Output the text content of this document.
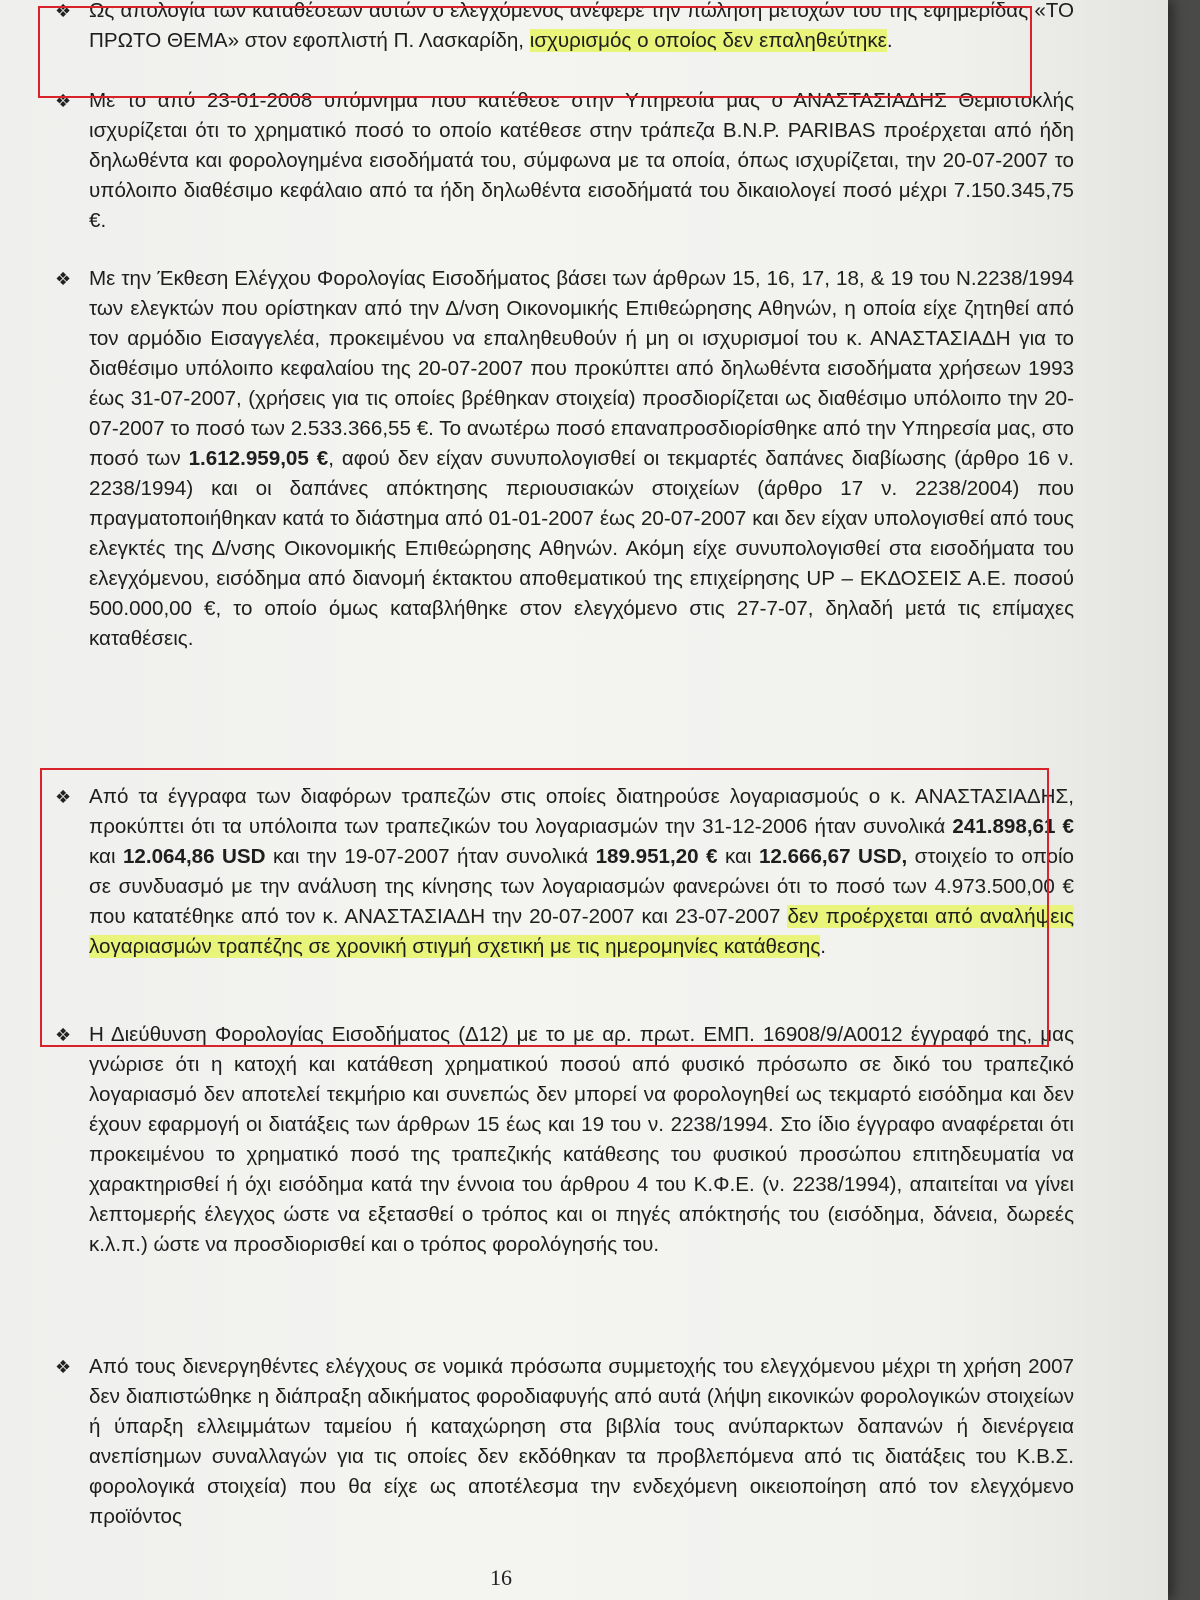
❖ Ως απολογία των καταθέσεων αυτών ο ελεγχόμενος ανέφερε την πώληση μετοχών του της εφημερίδας «ΤΟ ΠΡΩΤΟ ΘΕΜΑ» στον εφοπλιστή Π. Λασκαρίδη, ισχυρισμός ο οποίος δεν επαληθεύτηκε.

❖ Με το από 23-01-2008 υπόμνημα που κατέθεσε στην Υπηρεσία μας ο ΑΝΑΣΤΑΣΙΑΔΗΣ Θεμιστοκλής ισχυρίζεται ότι το χρηματικό ποσό το οποίο κατέθεσε στην τράπεζα B.N.P. PARIBAS προέρχεται από ήδη δηλωθέντα και φορολογημένα εισοδήματά του, σύμφωνα με τα οποία, όπως ισχυρίζεται, την 20-07-2007 το υπόλοιπο διαθέσιμο κεφάλαιο από τα ήδη δηλωθέντα εισοδήματά του δικαιολογεί ποσό μέχρι 7.150.345,75 €.

❖ Με την Έκθεση Ελέγχου Φορολογίας Εισοδήματος βάσει των άρθρων 15, 16, 17, 18, & 19 του Ν.2238/1994 των ελεγκτών που ορίστηκαν από την Δ/νση Οικονομικής Επιθεώρησης Αθηνών, η οποία είχε ζητηθεί από τον αρμόδιο Εισαγγελέα, προκειμένου να επαληθευθούν ή μη οι ισχυρισμοί του κ. ΑΝΑΣΤΑΣΙΑΔΗ για το διαθέσιμο υπόλοιπο κεφαλαίου της 20-07-2007 που προκύπτει από δηλωθέντα εισοδήματα χρήσεων 1993 έως 31-07-2007, (χρήσεις για τις οποίες βρέθηκαν στοιχεία) προσδιορίζεται ως διαθέσιμο υπόλοιπο την 20-07-2007 το ποσό των 2.533.366,55 €. Το ανωτέρω ποσό επαναπροσδιορίσθηκε από την Υπηρεσία μας, στο ποσό των 1.612.959,05 €, αφού δεν είχαν συνυπολογισθεί οι τεκμαρτές δαπάνες διαβίωσης (άρθρο 16 ν. 2238/1994) και οι δαπάνες απόκτησης περιουσιακών στοιχείων (άρθρο 17 ν. 2238/2004) που πραγματοποιήθηκαν κατά το διάστημα από 01-01-2007 έως 20-07-2007 και δεν είχαν υπολογισθεί από τους ελεγκτές της Δ/νσης Οικονομικής Επιθεώρησης Αθηνών. Ακόμη είχε συνυπολογισθεί στα εισοδήματα του ελεγχόμενου, εισόδημα από διανομή έκτακτου αποθεματικού της επιχείρησης UP – ΕΚΔΟΣΕΙΣ Α.Ε. ποσού 500.000,00 €, το οποίο όμως καταβλήθηκε στον ελεγχόμενο στις 27-7-07, δηλαδή μετά τις επίμαχες καταθέσεις.

❖ Από τα έγγραφα των διαφόρων τραπεζών στις οποίες διατηρούσε λογαριασμούς ο κ. ΑΝΑΣΤΑΣΙΑΔΗΣ, προκύπτει ότι τα υπόλοιπα των τραπεζικών του λογαριασμών την 31-12-2006 ήταν συνολικά 241.898,61 € και 12.064,86 USD και την 19-07-2007 ήταν συνολικά 189.951,20 € και 12.666,67 USD, στοιχείο το οποίο σε συνδυασμό με την ανάλυση της κίνησης των λογαριασμών φανερώνει ότι το ποσό των 4.973.500,00 € που κατατέθηκε από τον κ. ΑΝΑΣΤΑΣΙΑΔΗ την 20-07-2007 και 23-07-2007 δεν προέρχεται από αναλήψεις λογαριασμών τραπέζης σε χρονική στιγμή σχετική με τις ημερομηνίες κατάθεσης.

❖ Η Διεύθυνση Φορολογίας Εισοδήματος (Δ12) με το με αρ. πρωτ. ΕΜΠ. 16908/9/Α0012 έγγραφό της, μας γνώρισε ότι η κατοχή και κατάθεση χρηματικού ποσού από φυσικό πρόσωπο σε δικό του τραπεζικό λογαριασμό δεν αποτελεί τεκμήριο και συνεπώς δεν μπορεί να φορολογηθεί ως τεκμαρτό εισόδημα και δεν έχουν εφαρμογή οι διατάξεις των άρθρων 15 έως και 19 του ν. 2238/1994. Στο ίδιο έγγραφο αναφέρεται ότι προκειμένου το χρηματικό ποσό της τραπεζικής κατάθεσης του φυσικού προσώπου επιτηδευματία να χαρακτηρισθεί ή όχι εισόδημα κατά την έννοια του άρθρου 4 του Κ.Φ.Ε. (ν. 2238/1994), απαιτείται να γίνει λεπτομερής έλεγχος ώστε να εξετασθεί ο τρόπος και οι πηγές απόκτησής του (εισόδημα, δάνεια, δωρεές κ.λ.π.) ώστε να προσδιορισθεί και ο τρόπος φορολόγησής του.

❖ Από τους διενεργηθέντες ελέγχους σε νομικά πρόσωπα συμμετοχής του ελεγχόμενου μέχρι τη χρήση 2007 δεν διαπιστώθηκε η διάπραξη αδικήματος φοροδιαφυγής από αυτά (λήψη εικονικών φορολογικών στοιχείων ή ύπαρξη ελλειμμάτων ταμείου ή καταχώρηση στα βιβλία τους ανύπαρκτων δαπανών ή διενέργεια ανεπίσημων συναλλαγών για τις οποίες δεν εκδόθηκαν τα προβλεπόμενα από τις διατάξεις του Κ.Β.Σ. φορολογικά στοιχεία) που θα είχε ως αποτέλεσμα την ενδεχόμενη οικειοποίηση από τον ελεγχόμενο προϊόντος

16
